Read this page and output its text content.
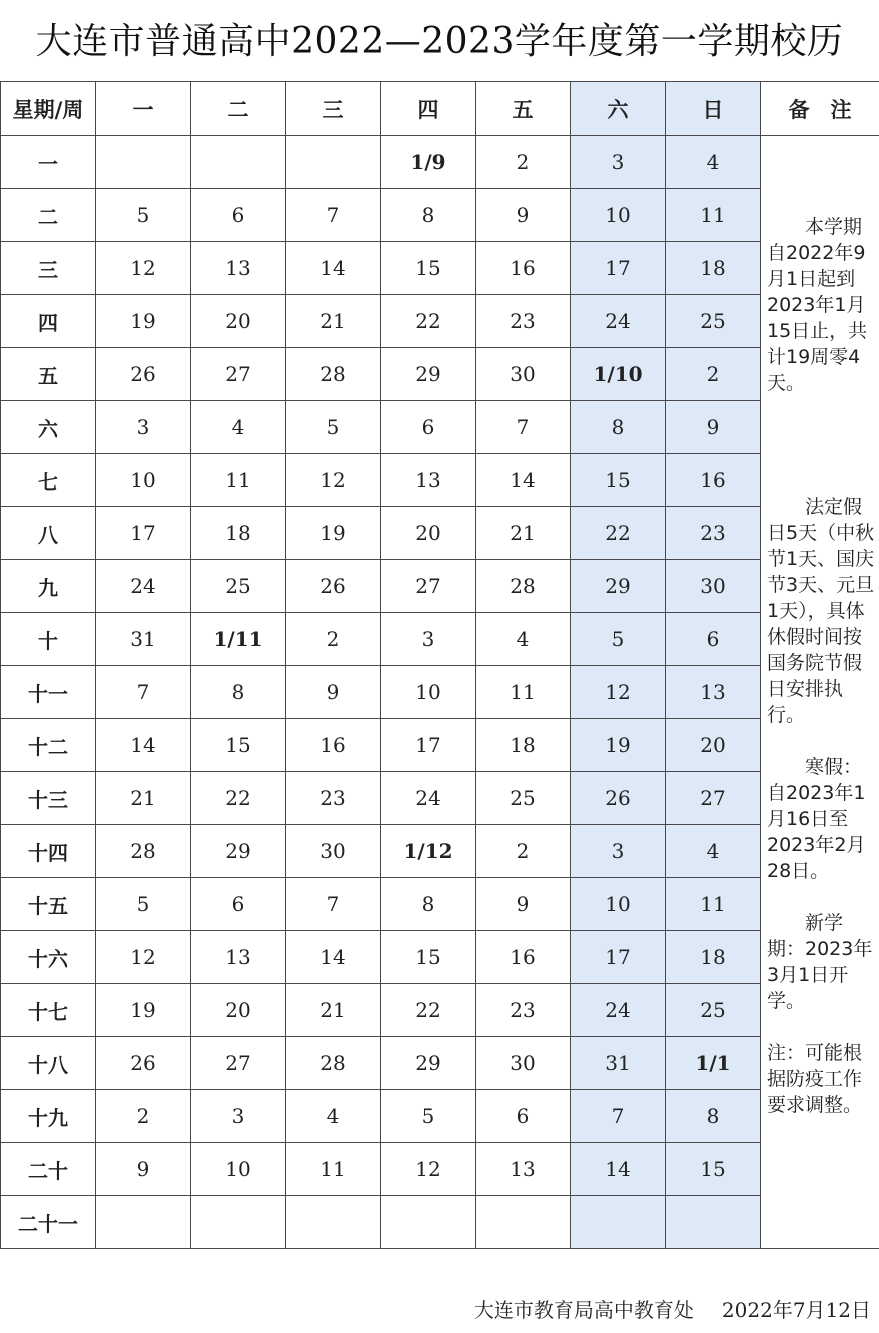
大连市普通高中2022—2023学年度第一学期校历
星期/周	一	二	三	四	五	六	日	备　注
一				1/9	2	3	4	本学期自2022年9月1日起到2023年1月15日止，共计19周零4天。
法定假日5天（中秋节1天、国庆节3天、元旦1天），具体休假时间按国务院节假日安排执行。
寒假：自2023年1月16日至2023年2月28日。
新学期：2023年3月1日开学。
注：可能根据防疫工作要求调整。

二	5	6	7	8	9	10	11	
三	12	13	14	15	16	17	18	
四	19	20	21	22	23	24	25	
五	26	27	28	29	30	1/10	2	
六	3	4	5	6	7	8	9	
七	10	11	12	13	14	15	16	
八	17	18	19	20	21	22	23	
九	24	25	26	27	28	29	30	
十	31	1/11	2	3	4	5	6	
十一	7	8	9	10	11	12	13	
十二	14	15	16	17	18	19	20	
十三	21	22	23	24	25	26	27	
十四	28	29	30	1/12	2	3	4	
十五	5	6	7	8	9	10	11	
十六	12	13	14	15	16	17	18	
十七	19	20	21	22	23	24	25	
十八	26	27	28	29	30	31	1/1	
十九	2	3	4	5	6	7	8	
二十	9	10	11	12	13	14	15	
二十一								
大连市教育局高中教育处 2022年7月12日
